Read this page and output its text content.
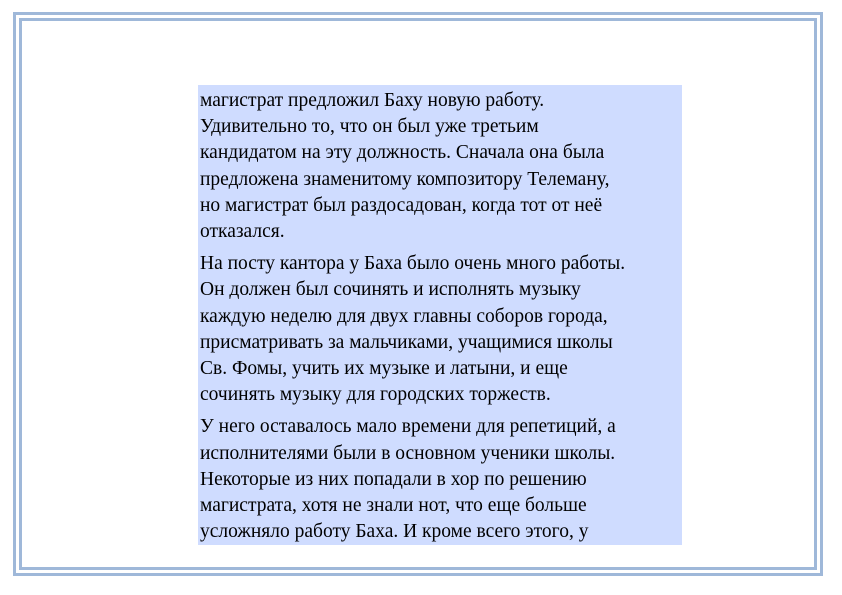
магистрат предложил Баху новую работу.
Удивительно то, что он был уже третьим
кандидатом на эту должность. Сначала она была
предложена знаменитому композитору Телеману,
но магистрат был раздосадован, когда тот от неё
отказался.

На посту кантора у Баха было очень много работы.
Он должен был сочинять и исполнять музыку
каждую неделю для двух главны соборов города,
присматривать за мальчиками, учащимися школы
Св. Фомы, учить их музыке и латыни, и еще
сочинять музыку для городских торжеств.

У него оставалось мало времени для репетиций, а
исполнителями были в основном ученики школы.
Некоторые из них попадали в хор по решению
магистрата, хотя не знали нот, что еще больше
усложняло работу Баха. И кроме всего этого, у
